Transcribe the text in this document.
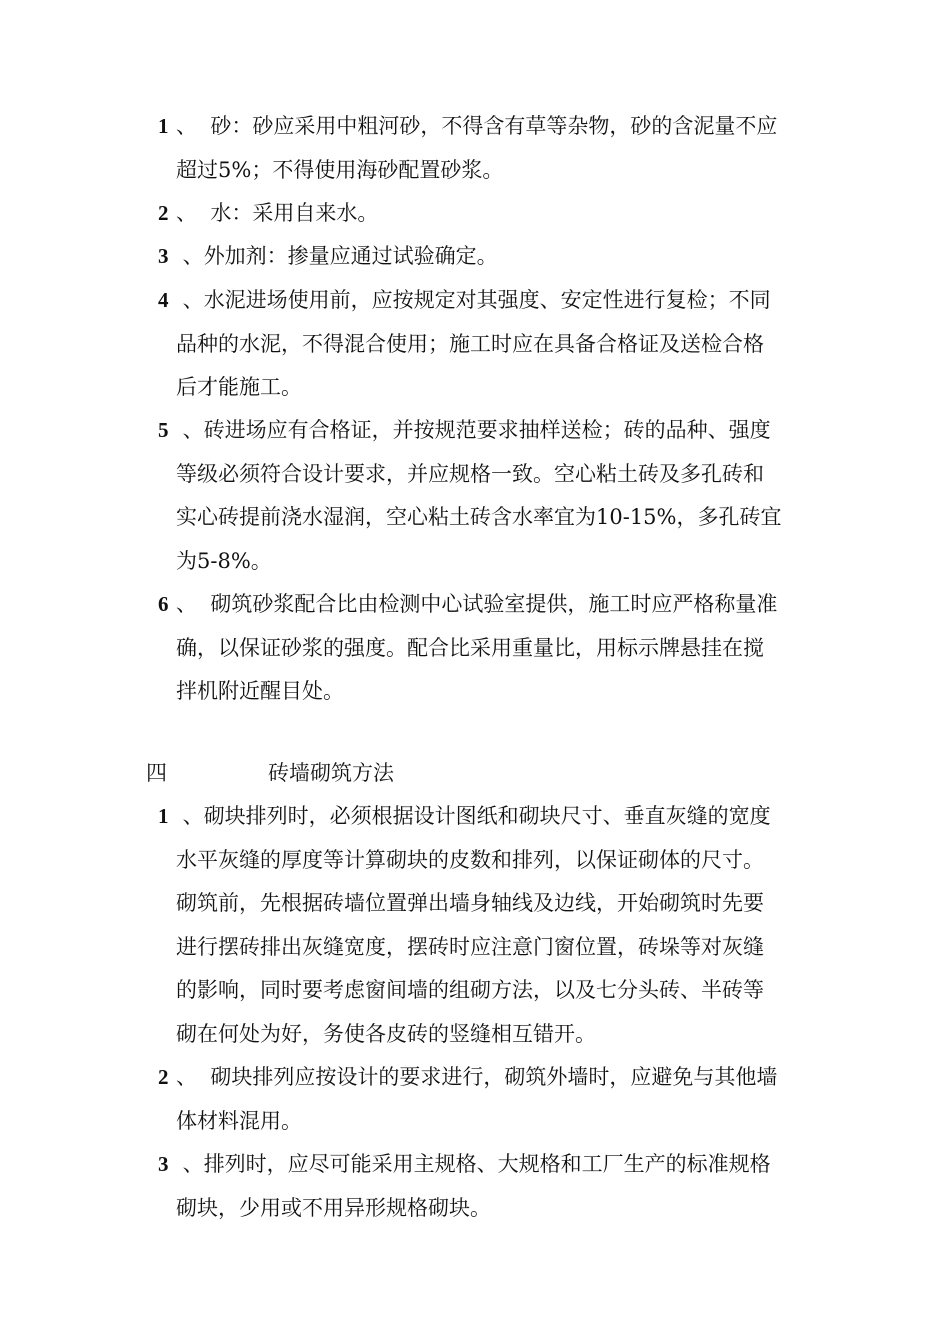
1 、  砂：砂应采用中粗河砂，不得含有草等杂物，砂的含泥量不应
超过5%；不得使用海砂配置砂浆。
2 、  水：采用自来水。
3 、外加剂：掺量应通过试验确定。
4 、水泥进场使用前，应按规定对其强度、安定性进行复检；不同
品种的水泥，不得混合使用；施工时应在具备合格证及送检合格
后才能施工。
5 、砖进场应有合格证，并按规范要求抽样送检；砖的品种、强度
等级必须符合设计要求，并应规格一致。空心粘土砖及多孔砖和
实心砖提前浇水湿润，空心粘土砖含水率宜为10-15%，多孔砖宜
为5-8%。
6 、  砌筑砂浆配合比由检测中心试验室提供，施工时应严格称量准
确，以保证砂浆的强度。配合比采用重量比，用标示牌悬挂在搅
拌机附近醒目处。
四	砖墙砌筑方法
1 、砌块排列时，必须根据设计图纸和砌块尺寸、垂直灰缝的宽度
水平灰缝的厚度等计算砌块的皮数和排列，以保证砌体的尺寸。
砌筑前，先根据砖墙位置弹出墙身轴线及边线，开始砌筑时先要
进行摆砖排出灰缝宽度，摆砖时应注意门窗位置，砖垛等对灰缝
的影响，同时要考虑窗间墙的组砌方法，以及七分头砖、半砖等
砌在何处为好，务使各皮砖的竖缝相互错开。
2 、  砌块排列应按设计的要求进行，砌筑外墙时，应避免与其他墙
体材料混用。
3 、排列时，应尽可能采用主规格、大规格和工厂生产的标准规格
砌块，少用或不用异形规格砌块。
